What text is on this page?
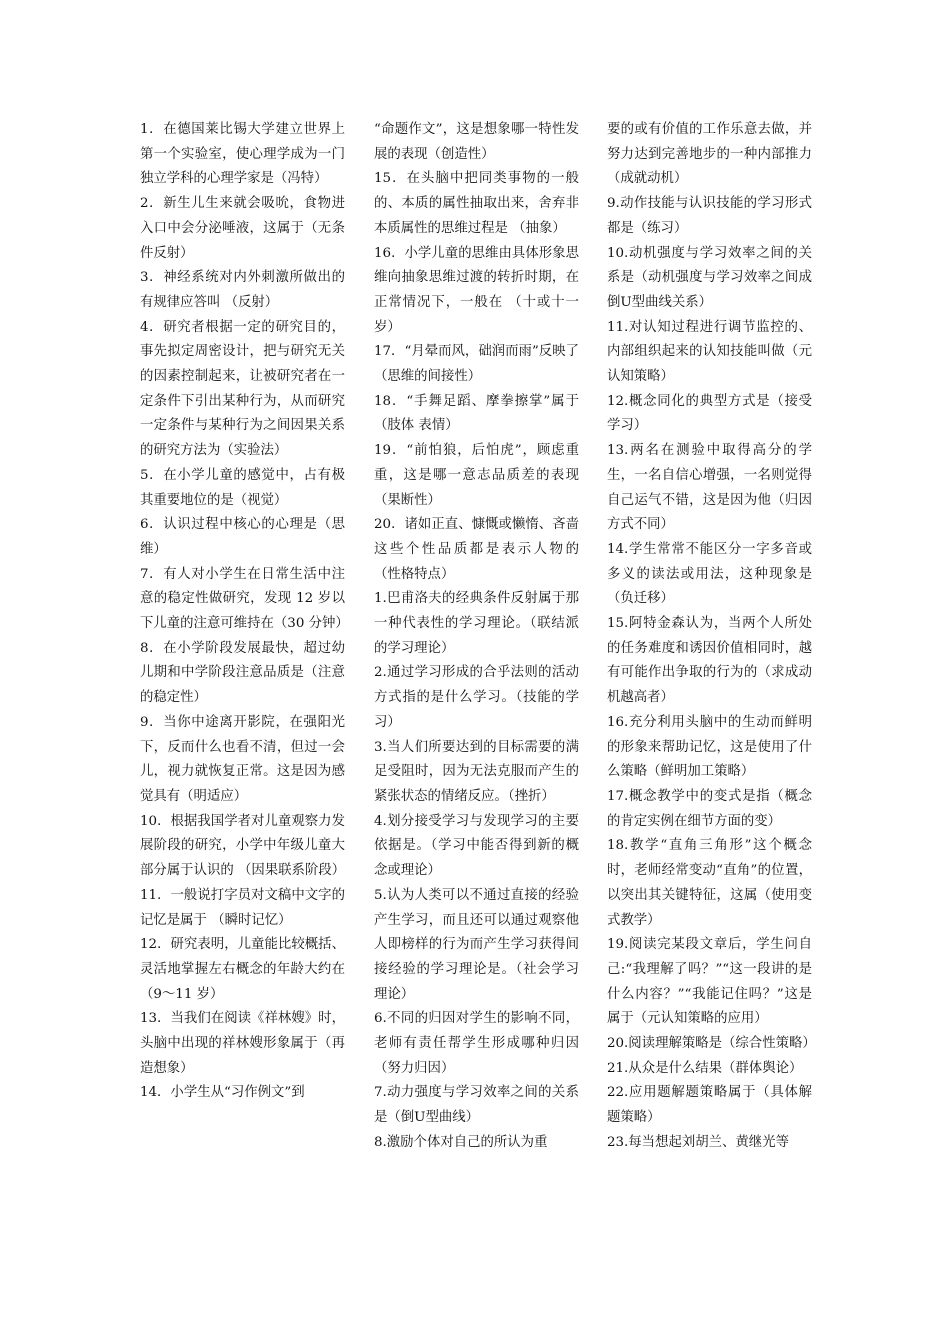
1．在德国莱比锡大学建立世界上第一个实验室，使心理学成为一门独立学科的心理学家是（冯特）

2．新生儿生来就会吸吮，食物进入口中会分泌唾液，这属于（无条件反射）

3．神经系统对内外刺激所做出的有规律应答叫 （反射）

4．研究者根据一定的研究目的，事先拟定周密设计，把与研究无关的因素控制起来，让被研究者在一定条件下引出某种行为，从而研究一定条件与某种行为之间因果关系的研究方法为（实验法）

5．在小学儿童的感觉中，占有极其重要地位的是（视觉）

6．认识过程中核心的心理是（思维）

7．有人对小学生在日常生活中注意的稳定性做研究，发现 12 岁以下儿童的注意可维持在（30 分钟）

8．在小学阶段发展最快，超过幼儿期和中学阶段注意品质是（注意的稳定性）

9．当你中途离开影院，在强阳光下，反而什么也看不清，但过一会儿，视力就恢复正常。这是因为感觉具有（明适应）

10．根据我国学者对儿童观察力发展阶段的研究，小学中年级儿童大部分属于认识的 （因果联系阶段）

11．一般说打字员对文稿中文字的记忆是属于 （瞬时记忆）

12．研究表明，儿童能比较概括、灵活地掌握左右概念的年龄大约在（9～11 岁）

13．当我们在阅读《祥林嫂》时，头脑中出现的祥林嫂形象属于（再造想象）

14．小学生从“习作例文”到

“命题作文”，这是想象哪一特性发展的表现（创造性）

15．在头脑中把同类事物的一般的、本质的属性抽取出来，舍弃非本质属性的思维过程是 （抽象）

16．小学儿童的思维由具体形象思维向抽象思维过渡的转折时期，在正常情况下，一般在 （十或十一岁）

17．“月晕而风，础润而雨”反映了 （思维的间接性）

18．“手舞足蹈、摩拳擦掌”属于 （肢体 表情）

19．“前怕狼，后怕虎”，顾虑重重，这是哪一意志品质差的表现（果断性）

20．诸如正直、慷慨或懒惰、吝啬这些个性品质都是表示人物的 （性格特点）

1.巴甫洛夫的经典条件反射属于那一种代表性的学习理论。（联结派的学习理论）

2.通过学习形成的合乎法则的活动方式指的是什么学习。（技能的学习）

3.当人们所要达到的目标需要的满足受阻时，因为无法克服而产生的紧张状态的情绪反应。（挫折）

4.划分接受学习与发现学习的主要依据是。（学习中能否得到新的概念或理论）

5.认为人类可以不通过直接的经验产生学习，而且还可以通过观察他人即榜样的行为而产生学习获得间接经验的学习理论是。（社会学习理论）

6.不同的归因对学生的影响不同，老师有责任帮学生形成哪种归因（努力归因）

7.动力强度与学习效率之间的关系是（倒U型曲线）

8.激励个体对自己的所认为重

要的或有价值的工作乐意去做，并努力达到完善地步的一种内部推力（成就动机）

9.动作技能与认识技能的学习形式都是（练习）

10.动机强度与学习效率之间的关系是（动机强度与学习效率之间成倒U型曲线关系）

11.对认知过程进行调节监控的、内部组织起来的认知技能叫做（元认知策略）

12.概念同化的典型方式是（接受学习）

13.两名在测验中取得高分的学生，一名自信心增强，一名则觉得自己运气不错，这是因为他（归因方式不同）

14.学生常常不能区分一字多音或多义的读法或用法，这种现象是（负迁移）

15.阿特金森认为，当两个人所处的任务难度和诱因价值相同时，越有可能作出争取的行为的（求成动机越高者）

16.充分利用头脑中的生动而鲜明的形象来帮助记忆，这是使用了什么策略（鲜明加工策略）

17.概念教学中的变式是指（概念的肯定实例在细节方面的变）

18.教学“直角三角形”这个概念时，老师经常变动“直角”的位置，以突出其关键特征，这属（使用变式教学）

19.阅读完某段文章后，学生问自己:“我理解了吗？”“这一段讲的是什么内容？”“我能记住吗？”这是属于（元认知策略的应用）

20.阅读理解策略是（综合性策略）

21.从众是什么结果（群体舆论）

22.应用题解题策略属于（具体解题策略）

23.每当想起刘胡兰、黄继光等
